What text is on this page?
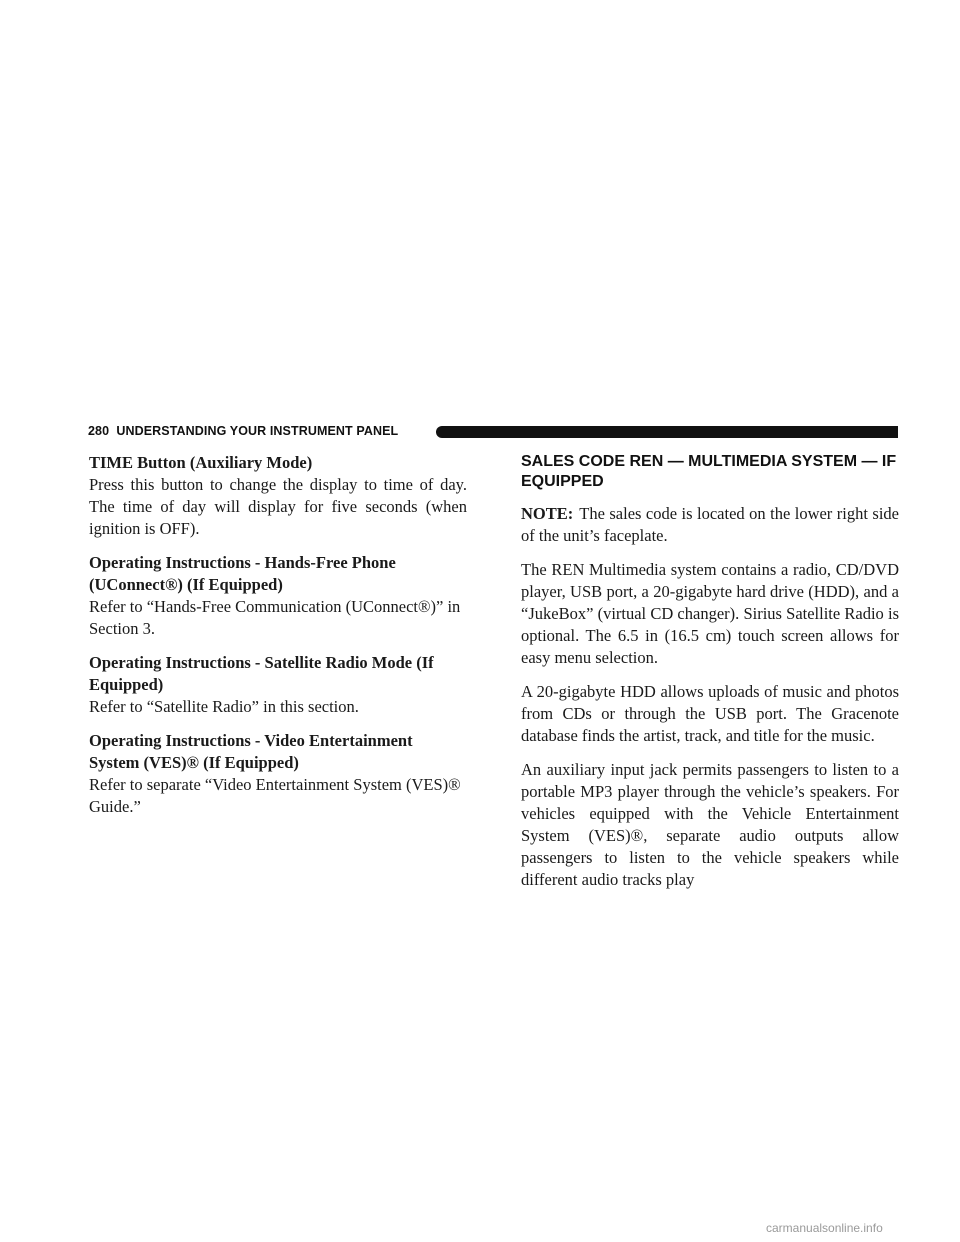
280 UNDERSTANDING YOUR INSTRUMENT PANEL

TIME Button (Auxiliary Mode)

Press this button to change the display to time of day. The time of day will display for five seconds (when ignition is OFF).

Operating Instructions - Hands-Free Phone (UConnect®) (If Equipped)

Refer to “Hands-Free Communication (UConnect®)” in Section 3.

Operating Instructions - Satellite Radio Mode (If Equipped)

Refer to “Satellite Radio” in this section.

Operating Instructions - Video Entertainment System (VES)® (If Equipped)

Refer to separate “Video Entertainment System (VES)® Guide.”

SALES CODE REN — MULTIMEDIA SYSTEM — IF EQUIPPED

NOTE: The sales code is located on the lower right side of the unit’s faceplate.

The REN Multimedia system contains a radio, CD/DVD player, USB port, a 20-gigabyte hard drive (HDD), and a “JukeBox” (virtual CD changer). Sirius Satellite Radio is optional. The 6.5 in (16.5 cm) touch screen allows for easy menu selection.

A 20-gigabyte HDD allows uploads of music and photos from CDs or through the USB port. The Gracenote database finds the artist, track, and title for the music.

An auxiliary input jack permits passengers to listen to a portable MP3 player through the vehicle’s speakers. For vehicles equipped with the Vehicle Entertainment System (VES)®, separate audio outputs allow passengers to listen to the vehicle speakers while different audio tracks play

carmanualsonline.info
